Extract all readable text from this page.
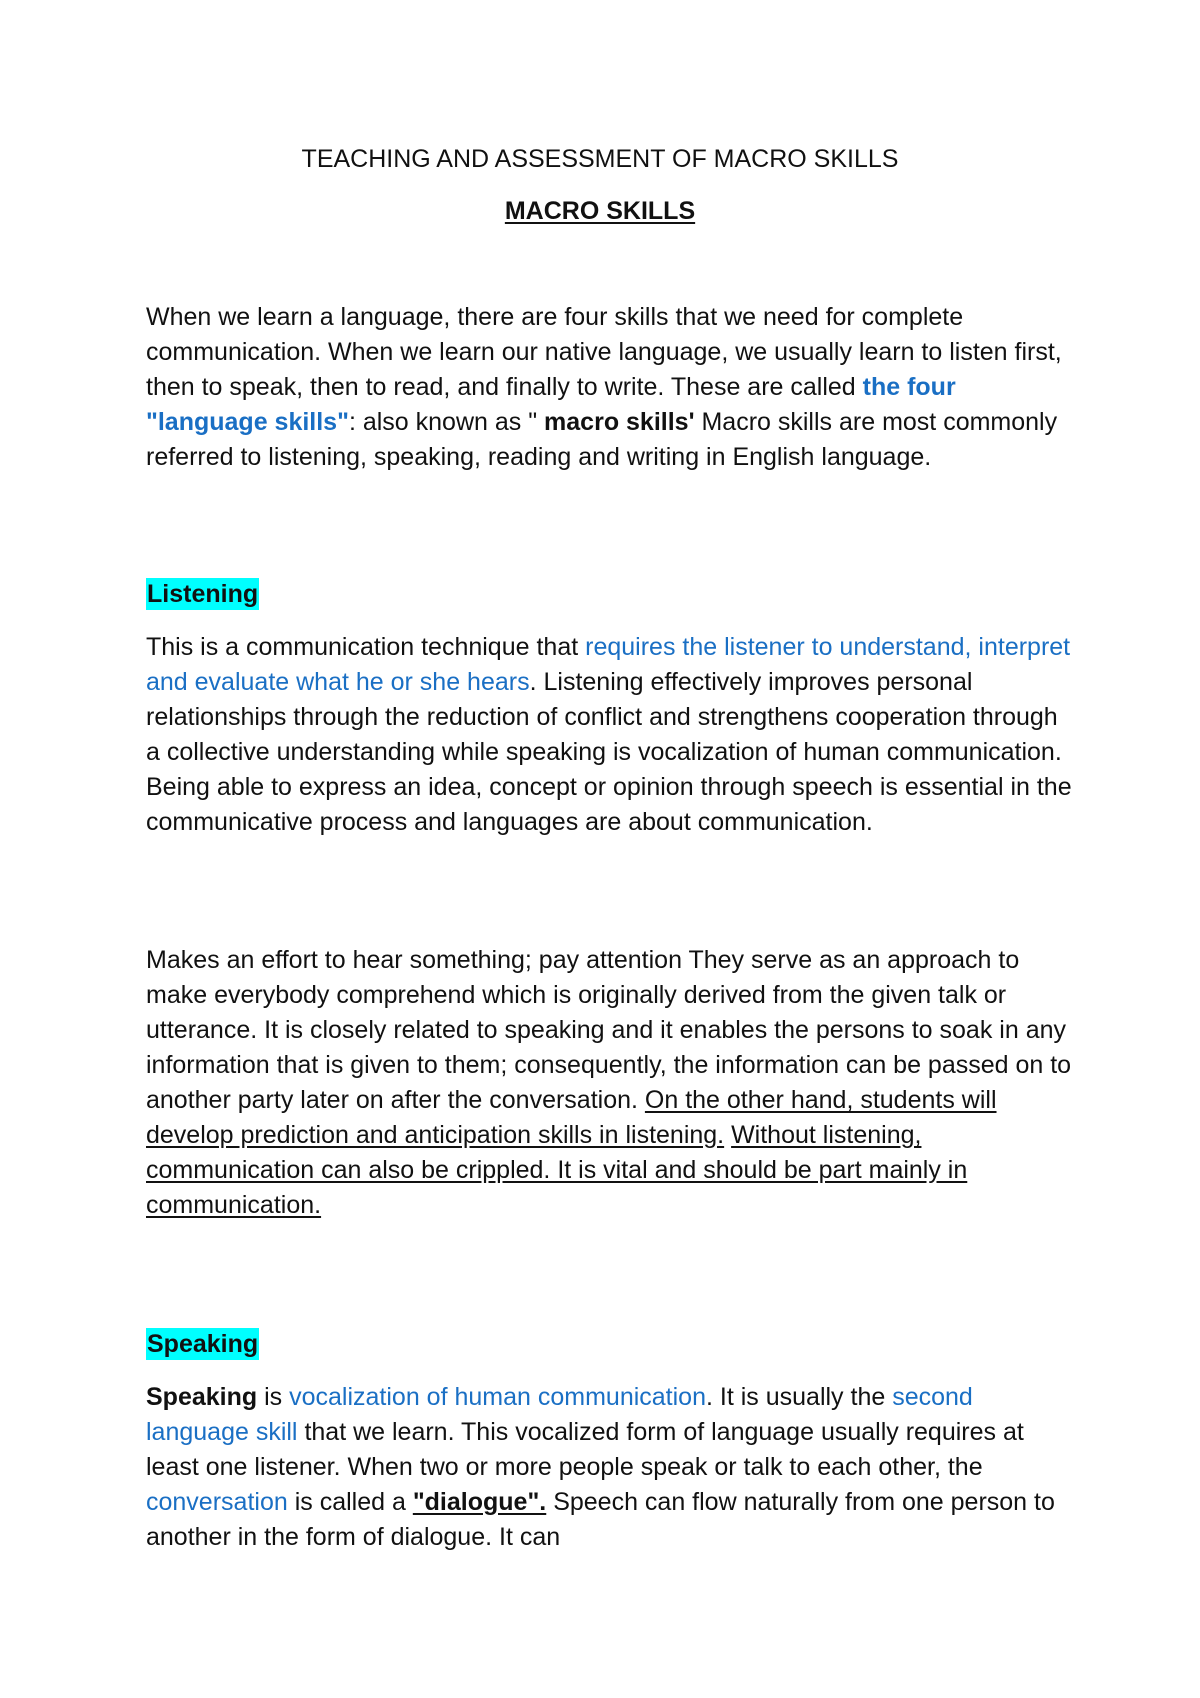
TEACHING AND ASSESSMENT OF MACRO SKILLS
MACRO SKILLS

When we learn a language, there are four skills that we need for complete communication. When we learn our native language, we usually learn to listen first, then to speak, then to read, and finally to write. These are called the four "language skills": also known as " macro skills' Macro skills are most commonly referred to listening, speaking, reading and writing in English language.

Listening

This is a communication technique that requires the listener to understand, interpret and evaluate what he or she hears. Listening effectively improves personal relationships through the reduction of conflict and strengthens cooperation through a collective understanding while speaking is vocalization of human communication. Being able to express an idea, concept or opinion through speech is essential in the communicative process and languages are about communication.

Makes an effort to hear something; pay attention They serve as an approach to make everybody comprehend which is originally derived from the given talk or utterance. It is closely related to speaking and it enables the persons to soak in any information that is given to them; consequently, the information can be passed on to another party later on after the conversation. On the other hand, students will develop prediction and anticipation skills in listening. Without listening, communication can also be crippled. It is vital and should be part mainly in communication.

Speaking

Speaking is vocalization of human communication. It is usually the second language skill that we learn. This vocalized form of language usually requires at least one listener. When two or more people speak or talk to each other, the conversation is called a "dialogue". Speech can flow naturally from one person to another in the form of dialogue. It can
